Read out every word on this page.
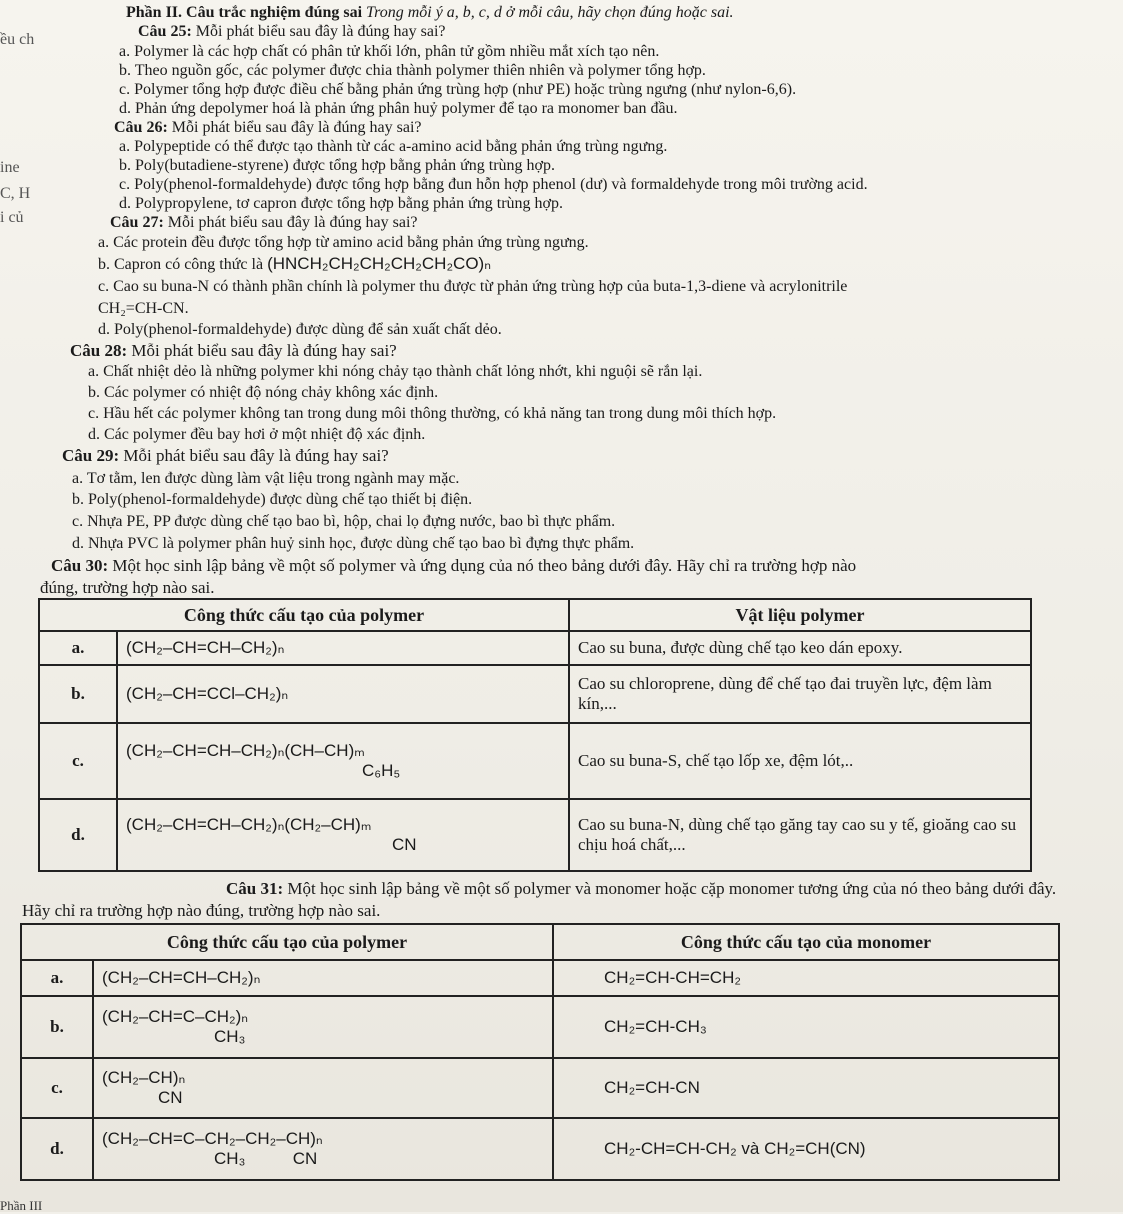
ều ch
ine
C, H
i củ
Phần II. Câu trắc nghiệm đúng sai Trong mỗi ý a, b, c, d ở mỗi câu, hãy chọn đúng hoặc sai.
Câu 25: Mỗi phát biểu sau đây là đúng hay sai?
a. Polymer là các hợp chất có phân tử khối lớn, phân tử gồm nhiều mắt xích tạo nên.
b. Theo nguồn gốc, các polymer được chia thành polymer thiên nhiên và polymer tổng hợp.
c. Polymer tổng hợp được điều chế bằng phản ứng trùng hợp (như PE) hoặc trùng ngưng (như nylon-6,6).
d. Phản ứng depolymer hoá là phản ứng phân huỷ polymer để tạo ra monomer ban đầu.
Câu 26: Mỗi phát biểu sau đây là đúng hay sai?
a. Polypeptide có thể được tạo thành từ các a-amino acid bằng phản ứng trùng ngưng.
b. Poly(butadiene-styrene) được tổng hợp bằng phản ứng trùng hợp.
c. Poly(phenol-formaldehyde) được tổng hợp bằng đun hỗn hợp phenol (dư) và formaldehyde trong môi trường acid.
d. Polypropylene, tơ capron được tổng hợp bằng phản ứng trùng hợp.
Câu 27: Mỗi phát biểu sau đây là đúng hay sai?
a. Các protein đều được tổng hợp từ amino acid bằng phản ứng trùng ngưng.
b. Capron có công thức là (HNCH₂CH₂CH₂CH₂CH₂CO)ₙ
c. Cao su buna-N có thành phần chính là polymer thu được từ phản ứng trùng hợp của buta-1,3-diene và acrylonitrile
CH₂=CH-CN.
d. Poly(phenol-formaldehyde) được dùng để sản xuất chất dẻo.
Câu 28: Mỗi phát biểu sau đây là đúng hay sai?
a. Chất nhiệt dẻo là những polymer khi nóng chảy tạo thành chất lỏng nhớt, khi nguội sẽ rắn lại.
b. Các polymer có nhiệt độ nóng chảy không xác định.
c. Hầu hết các polymer không tan trong dung môi thông thường, có khả năng tan trong dung môi thích hợp.
d. Các polymer đều bay hơi ở một nhiệt độ xác định.
Câu 29: Mỗi phát biểu sau đây là đúng hay sai?
a. Tơ tằm, len được dùng làm vật liệu trong ngành may mặc.
b. Poly(phenol-formaldehyde) được dùng chế tạo thiết bị điện.
c. Nhựa PE, PP được dùng chế tạo bao bì, hộp, chai lọ đựng nước, bao bì thực phẩm.
d. Nhựa PVC là polymer phân huỷ sinh học, được dùng chế tạo bao bì đựng thực phẩm.
Câu 30: Một học sinh lập bảng về một số polymer và ứng dụng của nó theo bảng dưới đây. Hãy chỉ ra trường hợp nào
đúng, trường hợp nào sai.
Công thức cấu tạo của polymer		Vật liệu polymer
a.	(CH₂–CH=CH–CH₂)ₙ	Cao su buna, được dùng chế tạo keo dán epoxy.
b.	(CH₂–CH=CCl–CH₂)ₙ	Cao su chloroprene, dùng để chế tạo đai truyền lực, đệm làm kín,...
c.	(CH₂–CH=CH–CH₂)ₙ(CH–CH)ₘ
C₆H₅	Cao su buna-S, chế tạo lốp xe, đệm lót,..
d.	(CH₂–CH=CH–CH₂)ₙ(CH₂–CH)ₘ
CN	Cao su buna-N, dùng chế tạo găng tay cao su y tế, gioăng cao su chịu hoá chất,...
Câu 31: Một học sinh lập bảng về một số polymer và monomer hoặc cặp monomer tương ứng của nó theo bảng dưới đây.
Hãy chỉ ra trường hợp nào đúng, trường hợp nào sai.
Công thức cấu tạo của polymer		Công thức cấu tạo của monomer
a.	(CH₂–CH=CH–CH₂)ₙ	CH₂=CH-CH=CH₂
b.	(CH₂–CH=C–CH₂)ₙ
CH₃	CH₂=CH-CH₃
c.	(CH₂–CH)ₙ
CN	CH₂=CH-CN
d.	(CH₂–CH=C–CH₂–CH₂–CH)ₙ
CH₃          CN	CH₂-CH=CH-CH₂ và CH₂=CH(CN)
Phần III
